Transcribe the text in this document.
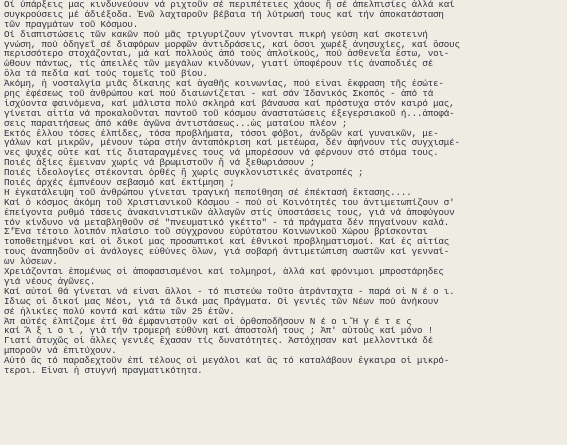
Οί ύπάρξεις μας κινδυνεύουν νά ριχτοῦν σέ περιπέτειες χάους ἤ σέ άπελπισίες ἀλλά καί
συγκρούσεις μέ ἀδιέξοδα. Ἐνῶ λαχταροῦν βέβαια τή λύτρωσή τους καί τήν ἀποκατάσταση
τῶν πραγμάτων τοῦ Κόσμου.
Οί διαπιστώσεις τῶν κακῶν πού μᾶς τριγυρίζουν γίνονται πικρή γεύση καί σκοτεινή
γνώση, πού ὁδηγεῖ σέ διαφόρων μορφῶν ἀντιδράσεις, καί ὅσοι χωρέξ ἀνησυχίες, καί ὅσους
περισσότερο στοχάζονται, μά καί πολλούς ἀπό τούς ἀπλοϊκούς, πού ἀσθενεῖα ἔστω, νοι-
ώθουν πάντως, τίς ἀπειλές τῶν μεγάλων κινδύνων, γιατί ὑποφέρουν τίς ἀναποδιές σέ
ὅλα τά πεδία καί τούς τομεῖς τοῦ βίου.
Ἀκόμη, ἡ νοσταλγία μιᾶς δίκαιης καί ἀγαθῆς κοινωνίας, πού εἶναι ἔκφραση τῆς ἐσώτε-
ρης ἐφέσεως τοῦ ἀνθρώπου καί πού διαιωνίζεται - καί σάν Ἰδανικός Σκοπός - ἀπό τά
ἰσχύοντα φαινόμενα, καί μάλιστα πολύ σκληρά καί βάναυσα καί πρόστυχα στόν καιρό μας,
γίνεται αἰτία νά προκαλοῦνται παντοῦ τοῦ κόσμου ἀναστατώσεις ἐξεγερσιακοῦ ή...ἀποφά-
σεις παραιτήσεως ἀπό κάθε ἀγῶνα ἀντιστάσεως...ὡς ματαίου πλέον ;
Ἐκτός ἔλλου τόσες ἐλπίδες, τόσα προβλήματα, τόσοι φόβοι, ἀνδρῶν καί γυναικῶν, με-
γάλων καί μικρῶν, μένουν τώρα στήν ἀνταπόκριση καί μετέωρα, δέν ἀφήνουν τίς συγχισμέ-
νες ψυχές οὔτε καί τίς διαταραγμένες τους νά μπορέσουν νά φέρνουν στό στόμα τους.
Ποιές ἀξίες ἔμειναν χωρίς νά βρωμιστοῦν ἤ νά ξεθωριάσουν ;
Ποιές ἰδεολογίες στέκονται ὀρθές ἤ χωρίς συγκλονιστικές ἀνατροπές ;
Ποιές ἀρχές ἐμπνέουν σεβασμό καί ἐκτίμηση ;
Ἡ ἐγκατάλειψη τοῦ ἀνθρώπου γίνεται τραγική πεποίθηση σέ ἐπέκτασή ἔκτασης....
Καί ὁ κόσμος ἀκόμη τοῦ Χριστιανικοῦ Κόσμου - πού οἱ Κοινότητές του ἀντιμετωπίζουν σ'
ἐπείγοντα ρυθμό τάσεις ἀνακαινιστικῶν ἀλλαγῶν στίς ὑποστάσεις τους, γιά νά ἀποφύγουν
τόν κίνδυνο νά μεταβληθοῦν σέ "πνευματικό γκέττο" - τά πράγματα δέν πηγαίνουν καλά.
Σ'Ἕνα τέτοιο λοιπόν πλαίσιο τοῦ σύγχρονου εὐρύτατου Κοινωνικοῦ Χώρου βρίσκονται
τοποθετημένοι καί οἱ δικοί μας προσωπικοί καί ἐθνικοί προβληματισμοί. Καί ἐς αἰτίας
τους ἀναπηδοῦν οἱ ἀνάλογες εὐθύνες ὅλων, γιά σοβαρή ἀντιμετώπιση σωστῶν καί γενναί-
ων λύσεων.
Χρειάζονται ἑπομένως οἱ ἀποφασισμένοι καί τολμηροί, ἀλλά καί φρόνιμοι μπροστάρηδες
γιά νέους ἀγῶνες.
Καί αὐτοί θά γίνεται νά εἶναι ἄλλοι - τό πιστεύω τοῦτο ἀτράνταχτα - παρά οἱ Ν έ ο ι.
Ἴδιως οἱ δικοί μας Νέοι, γιά τά δικά μας Πράγματα. Οἱ γενιές τῶν Νέων πού ἀνήκουν
σέ ἡλικίες πολύ κοντά καί κάτω τῶν 25 ἐτῶν.
Ἀπ αὐτές ἐλπίζομε ἐτί θά ἐμφανιστοῦν καί οἱ ὀρθοποδῆσουν Ν έ ο ι Ἥ γ έ τ ε ς
καί Ἄ ξ ι ο ι , γιά τήν τρομερή εὐθύνη καί ἀποστολή τους ; Ἀπ' αὐτούς καί μόνο !
Γιατί ἀτυχῶς οἱ ἄλλες γενιές ἔχασαν τίς δυνατότητες. Ἀστόχησαν καί μελλοντικά δέ
μποροῦν νά ἐπιτύχουν.
Αὐτό ἄς τό παραδεχτοῦν ἐπί τέλους οἱ μεγάλοι καί ἄς τό καταλάβουν ἔγκαιρα οἱ μικρό-
τεροι. Εἶναι ἡ στυγνή πραγματικότητα.
